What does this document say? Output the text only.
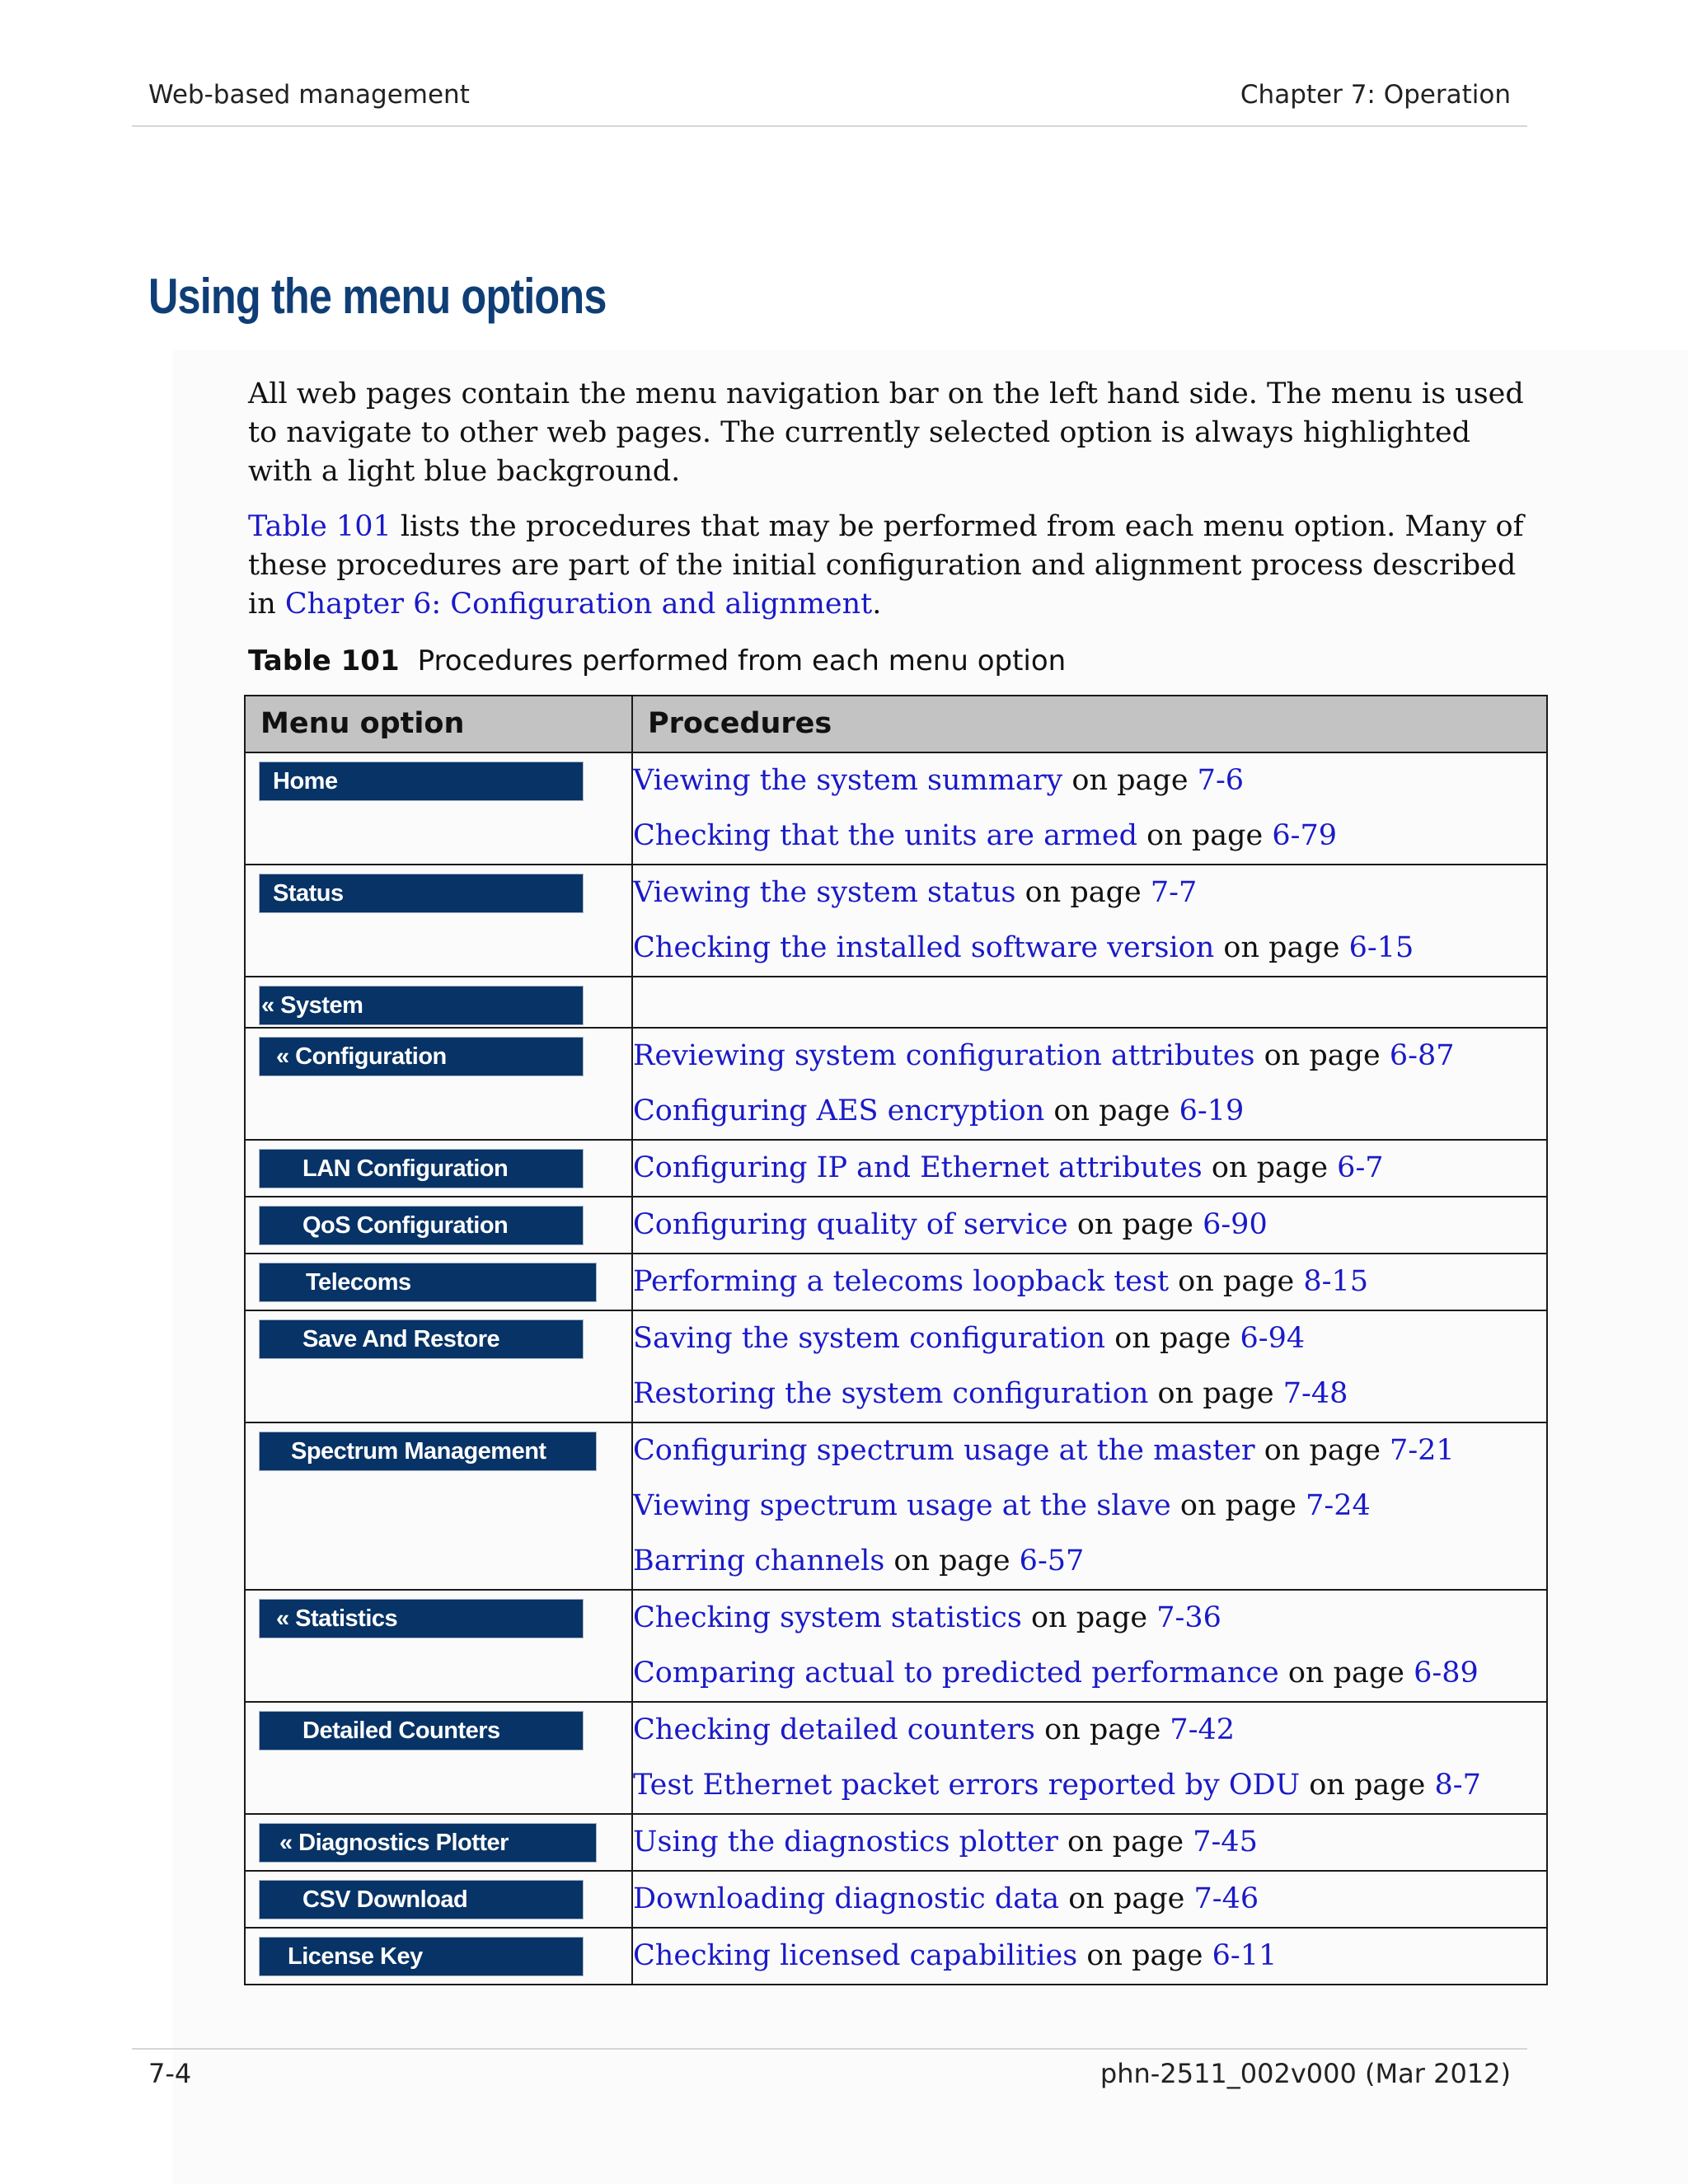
Web-based management	Chapter 7: Operation
Using the menu options

All web pages contain the menu navigation bar on the left hand side. The menu is used to navigate to other web pages. The currently selected option is always highlighted with a light blue background.

Table 101 lists the procedures that may be performed from each menu option. Many of these procedures are part of the initial configuration and alignment process described in Chapter 6: Configuration and alignment.

Table 101 Procedures performed from each menu option
Menu option	Procedures

Home	Viewing the system summary on page 7-6
Checking that the units are armed on page 6-79

Status	Viewing the system status on page 7-7
Checking the installed software version on page 6-15

« System	

« Configuration	Reviewing system configuration attributes on page 6-87
Configuring AES encryption on page 6-19

LAN Configuration	Configuring IP and Ethernet attributes on page 6-7

QoS Configuration	Configuring quality of service on page 6-90

Telecoms	Performing a telecoms loopback test on page 8-15

Save And Restore	Saving the system configuration on page 6-94
Restoring the system configuration on page 7-48

Spectrum Management	Configuring spectrum usage at the master on page 7-21
Viewing spectrum usage at the slave on page 7-24
Barring channels on page 6-57

« Statistics	Checking system statistics on page 7-36
Comparing actual to predicted performance on page 6-89

Detailed Counters	Checking detailed counters on page 7-42
Test Ethernet packet errors reported by ODU on page 8-7

« Diagnostics Plotter	Using the diagnostics plotter on page 7-45

CSV Download	Downloading diagnostic data on page 7-46

License Key	Checking licensed capabilities on page 6-11
7-4	phn-2511_002v000 (Mar 2012)
